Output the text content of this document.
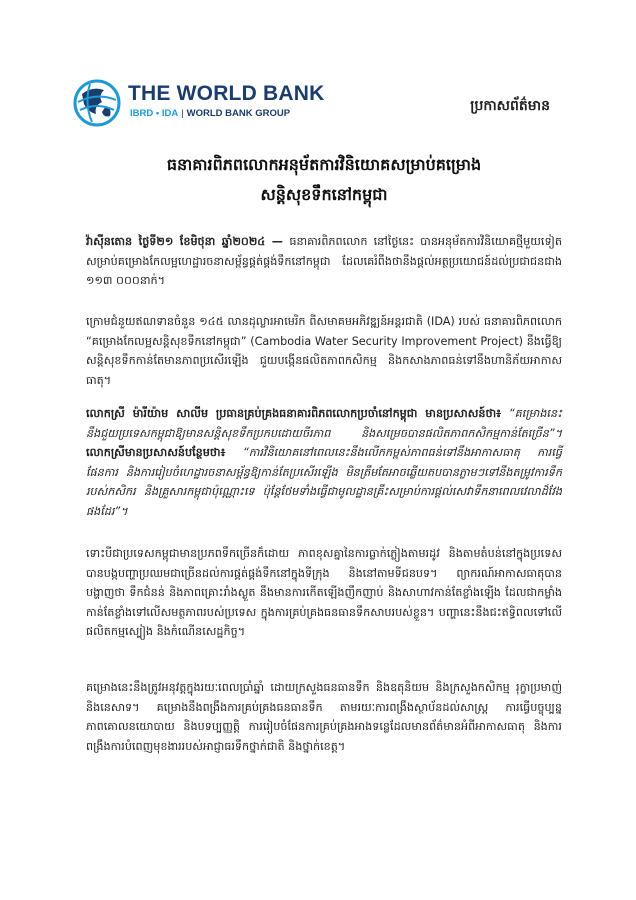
THE WORLD BANK
IBRD • IDA | WORLD BANK GROUP	ប្រកាសព័ត៌មាន
ធនាគារពិភពលោកអនុម័តការវិនិយោគសម្រាប់គម្រោង
សន្តិសុខទឹកនៅកម្ពុជា
វ៉ាស៊ីនតោន ថ្ងៃទី២១ ខែមិថុនា ឆ្នាំ២០២៤ — ធនាគារពិភពលោក នៅថ្ងៃនេះ បានអនុម័តការវិនិយោគថ្មីមួយទៀត សម្រាប់គម្រោងកែលម្អហេដ្ឋារចនាសម្ព័ន្ធផ្គត់ផ្គង់ទឹកនៅកម្ពុជា ដែលគេរំពឹងថានឹងផ្តល់អត្ថប្រយោជន៍ដល់ប្រជាជនជាង ១១៣ ០០០នាក់។
ក្រោមជំនួយឥណទានចំនួន ១៤៥ លានដុល្លារអាមេរិក ពីសមាគមអភិវឌ្ឍន៍អន្តរជាតិ (IDA) របស់ ធនាគារពិភពលោក “គម្រោងកែលម្អសន្តិសុខទឹកនៅកម្ពុជា” (Cambodia Water Security Improvement Project) នឹងធ្វើឱ្យសន្តិសុខទឹកកាន់តែមានភាពប្រសើរឡើង ជួយបង្កើនផលិតភាពកសិកម្ម និងកសាងភាពធន់ទៅនឹងហានិភ័យអាកាសធាតុ។
លោកស្រី ម៉ារីយ៉ាម សាលីម ប្រធានគ្រប់គ្រងធនាគារពិភពលោកប្រចាំនៅកម្ពុជា មានប្រសាសន៍ថា៖ “គម្រោងនេះនឹងជួយប្រទេសកម្ពុជាឱ្យមានសន្តិសុខទឹកប្រកបដោយចីរភាព និងសម្រេចបានផលិតភាពកសិកម្មកាន់តែច្រើន”។ លោកស្រីមានប្រសាសន៍បន្ថែមថា៖ “ការវិនិយោគនៅពេលនេះនឹងលើកកម្ពស់ភាពធន់ទៅនឹងអាកាសធាតុ ការធ្វើផែនការ និងការរៀបចំហេដ្ឋារចនាសម្ព័ន្ធឱ្យកាន់តែប្រសើរឡើង មិនត្រឹមតែអាចឆ្លើយតបបានភ្លាមៗទៅនឹងតម្រូវការទឹករបស់កសិករ និងគ្រួសារកម្ពុជាប៉ុណ្ណោះទេ ប៉ុន្តែថែមទាំងធ្វើជាមូលដ្ឋានគ្រឹះសម្រាប់ការផ្តល់សេវាទឹកនាពេលវេលាដ៏វែងផងដែរ”។
ទោះបីជាប្រទេសកម្ពុជាមានប្រភពទឹកច្រើនក៏ដោយ ភាពខុសគ្នានៃការធ្លាក់ភ្លៀងតាមរដូវ និងតាមតំបន់នៅក្នុងប្រទេស បានបង្កបញ្ហាប្រឈមជាច្រើនដល់ការផ្គត់ផ្គង់ទឹកនៅក្នុងទីក្រុង និងនៅតាមទីជនបទ។ ព្យាករណ៍អាកាសធាតុបានបង្ហាញថា ទឹកជំនន់ និងភាពគ្រោះរាំងស្ងួត នឹងមានការកើតឡើងញឹកញាប់ និងសាហាវកាន់តែខ្លាំងឡើង ដែលជាកម្លាំងកាន់តែខ្លាំងទៅលើសមត្ថភាពរបស់ប្រទេស ក្នុងការគ្រប់គ្រងធនធានទឹកសាបរបស់ខ្លួន។ បញ្ហានេះនឹងជះឥទ្ធិពលទៅលើផលិតកម្មស្បៀង និងកំណើនសេដ្ឋកិច្ច។
គម្រោងនេះនឹងត្រូវអនុវត្តក្នុងរយៈពេលប្រាំឆ្នាំ ដោយក្រសួងធនធានទឹក និងឧតុនិយម និងក្រសួងកសិកម្ម រុក្ខាប្រមាញ់ និងនេសាទ។ គម្រោងនឹងពង្រឹងការគ្រប់គ្រងធនធានទឹក តាមរយៈការពង្រឹងស្ថាប័នដល់សាស្ត្រ ការធ្វើបច្ចុប្បន្នភាពគោលនយោបាយ និងបទប្បញ្ញត្តិ ការរៀបចំផែនការគ្រប់គ្រងអាងទន្លេដែលមានព័ត៌មានអំពីអាកាសធាតុ និងការពង្រឹងការបំពេញមុខងាររបស់អាជ្ញាធរទឹកថ្នាក់ជាតិ និងថ្នាក់ខេត្ត។
